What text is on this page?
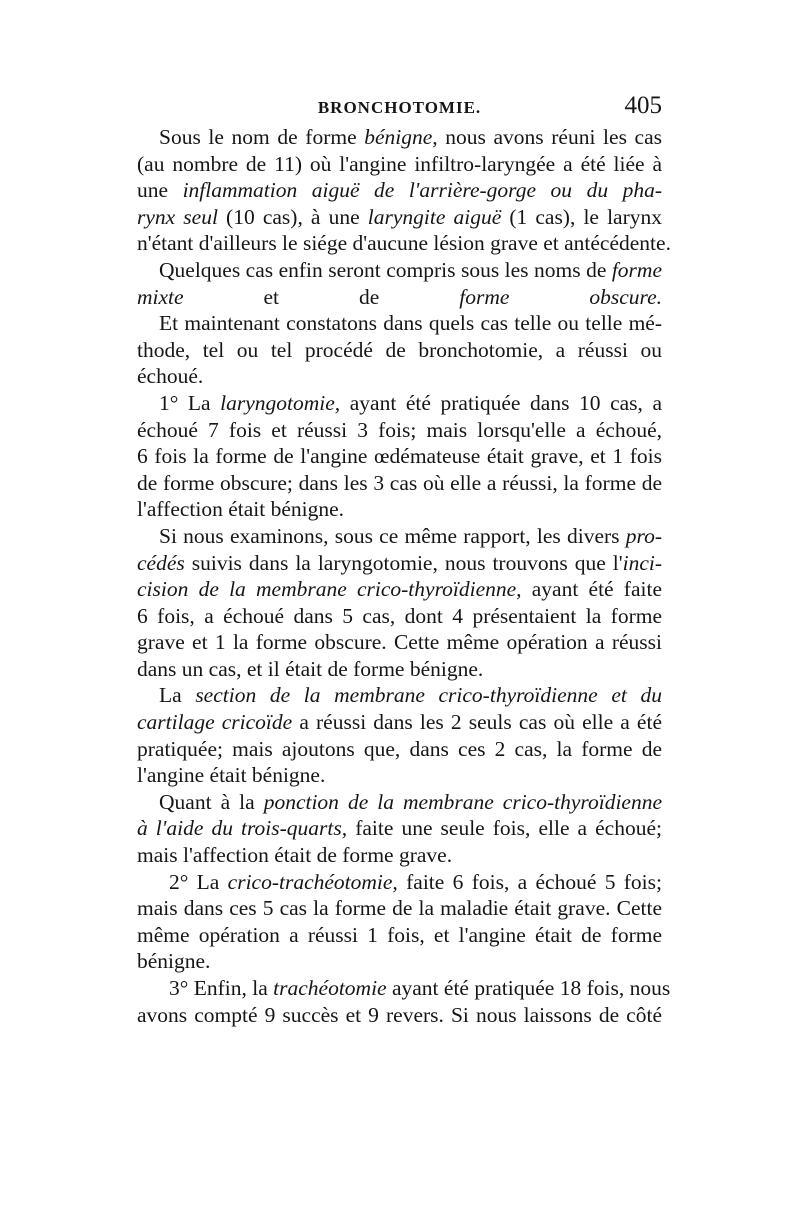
BRONCHOTOMIE.	405
Sous le nom de forme bénigne, nous avons réuni les cas
(au nombre de 11) où l'angine infiltro-laryngée a été liée à
une inflammation aiguë de l'arrière-gorge ou du pha-
rynx seul (10 cas), à une laryngite aiguë (1 cas), le larynx
n'étant d'ailleurs le siége d'aucune lésion grave et antécédente.
Quelques cas enfin seront compris sous les noms de forme
mixte et de forme obscure.
Et maintenant constatons dans quels cas telle ou telle mé-
thode, tel ou tel procédé de bronchotomie, a réussi ou
échoué.
1° La laryngotomie, ayant été pratiquée dans 10 cas, a
échoué 7 fois et réussi 3 fois; mais lorsqu'elle a échoué,
6 fois la forme de l'angine œdémateuse était grave, et 1 fois
de forme obscure; dans les 3 cas où elle a réussi, la forme de
l'affection était bénigne.
Si nous examinons, sous ce même rapport, les divers pro-
cédés suivis dans la laryngotomie, nous trouvons que l'inci-
cision de la membrane crico-thyroïdienne, ayant été faite
6 fois, a échoué dans 5 cas, dont 4 présentaient la forme
grave et 1 la forme obscure. Cette même opération a réussi
dans un cas, et il était de forme bénigne.
La section de la membrane crico-thyroïdienne et du
cartilage cricoïde a réussi dans les 2 seuls cas où elle a été
pratiquée; mais ajoutons que, dans ces 2 cas, la forme de
l'angine était bénigne.
Quant à la ponction de la membrane crico-thyroïdienne
à l'aide du trois-quarts, faite une seule fois, elle a échoué;
mais l'affection était de forme grave.
2° La crico-trachéotomie, faite 6 fois, a échoué 5 fois;
mais dans ces 5 cas la forme de la maladie était grave. Cette
même opération a réussi 1 fois, et l'angine était de forme
bénigne.
3° Enfin, la trachéotomie ayant été pratiquée 18 fois, nous
avons compté 9 succès et 9 revers. Si nous laissons de côté
